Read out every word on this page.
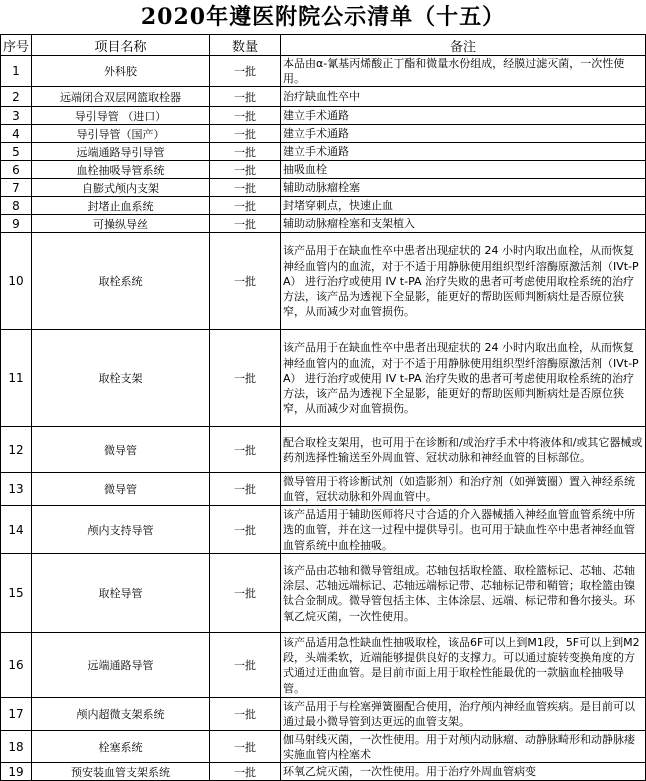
2020年遵医附院公示清单（十五）
序号	项目名称	数量	备注
1	外科胶	一批	本品由α-氰基丙烯酸正丁酯和微量水份组成，经膜过滤灭菌，一次性使用。
2	远端闭合双层网篮取栓器	一批	治疗缺血性卒中
3	导引导管 （进口）	一批	建立手术通路
4	导引导管（国产）	一批	建立手术通路
5	远端通路导引导管	一批	建立手术通路
6	血栓抽吸导管系统	一批	抽吸血栓
7	自膨式颅内支架	一批	辅助动脉瘤栓塞
8	封堵止血系统	一批	封堵穿刺点，快速止血
9	可操纵导丝	一批	辅助动脉瘤栓塞和支架植入
10	取栓系统	一批	该产品用于在缺血性卒中患者出现症状的 24 小时内取出血栓，从而恢复神经血管内的血流，对于不适于用静脉使用组织型纤溶酶原激活剂（IVt-PA） 进行治疗或使用 IV t-PA 治疗失败的患者可考虑使用取栓系统的治疗方法，该产品为透视下全显影，能更好的帮助医师判断病灶是否原位狭窄，从而减少对血管损伤。
11	取栓支架	一批	该产品用于在缺血性卒中患者出现症状的 24 小时内取出血栓，从而恢复神经血管内的血流，对于不适于用静脉使用组织型纤溶酶原激活剂（IVt-PA） 进行治疗或使用 IV t-PA 治疗失败的患者可考虑使用取栓系统的治疗方法，该产品为透视下全显影，能更好的帮助医师判断病灶是否原位狭窄，从而减少对血管损伤。
12	微导管	一批	配合取栓支架用，也可用于在诊断和/或治疗手术中将液体和/或其它器械或药剂选择性输送至外周血管、冠状动脉和神经血管的目标部位。
13	微导管	一批	微导管用于将诊断试剂（如造影剂）和治疗剂（如弹簧圈）置入神经系统血管，冠状动脉和外周血管中。
14	颅内支持导管	一批	该产品适用于辅助医师将尺寸合适的介入器械插入神经血管血管系统中所选的血管，并在这一过程中提供导引。也可用于缺血性卒中患者神经血管血管系统中血栓抽吸。
15	取栓导管	一批	该产品由芯轴和微导管组成。芯轴包括取栓篮、取栓篮标记、芯轴、芯轴涂层、芯轴远端标记、芯轴远端标记带、芯轴标记带和鞘管；取栓篮由镍钛合金制成。微导管包括主体、主体涂层、远端、标记带和鲁尔接头。环氧乙烷灭菌，一次性使用。
16	远端通路导管	一批	该产品适用急性缺血性抽吸取栓，该品6F可以上到M1段，5F可以上到M2段，头端柔软，近端能够提供良好的支撑力。可以通过旋转变换角度的方式通过迂曲血管。是目前市面上用于取栓性能最优的一款脑血栓抽吸导管。
17	颅内超微支架系统	一批	该产品用于与栓塞弹簧圈配合使用，治疗颅内神经血管疾病。是目前可以通过最小微导管到达更远的血管支架。
18	栓塞系统	一批	伽马射线灭菌，一次性使用。用于对颅内动脉瘤、动静脉畸形和动静脉瘘实施血管内栓塞术
19	预安装血管支架系统	一批	环氧乙烷灭菌，一次性使用。用于治疗外周血管病变
